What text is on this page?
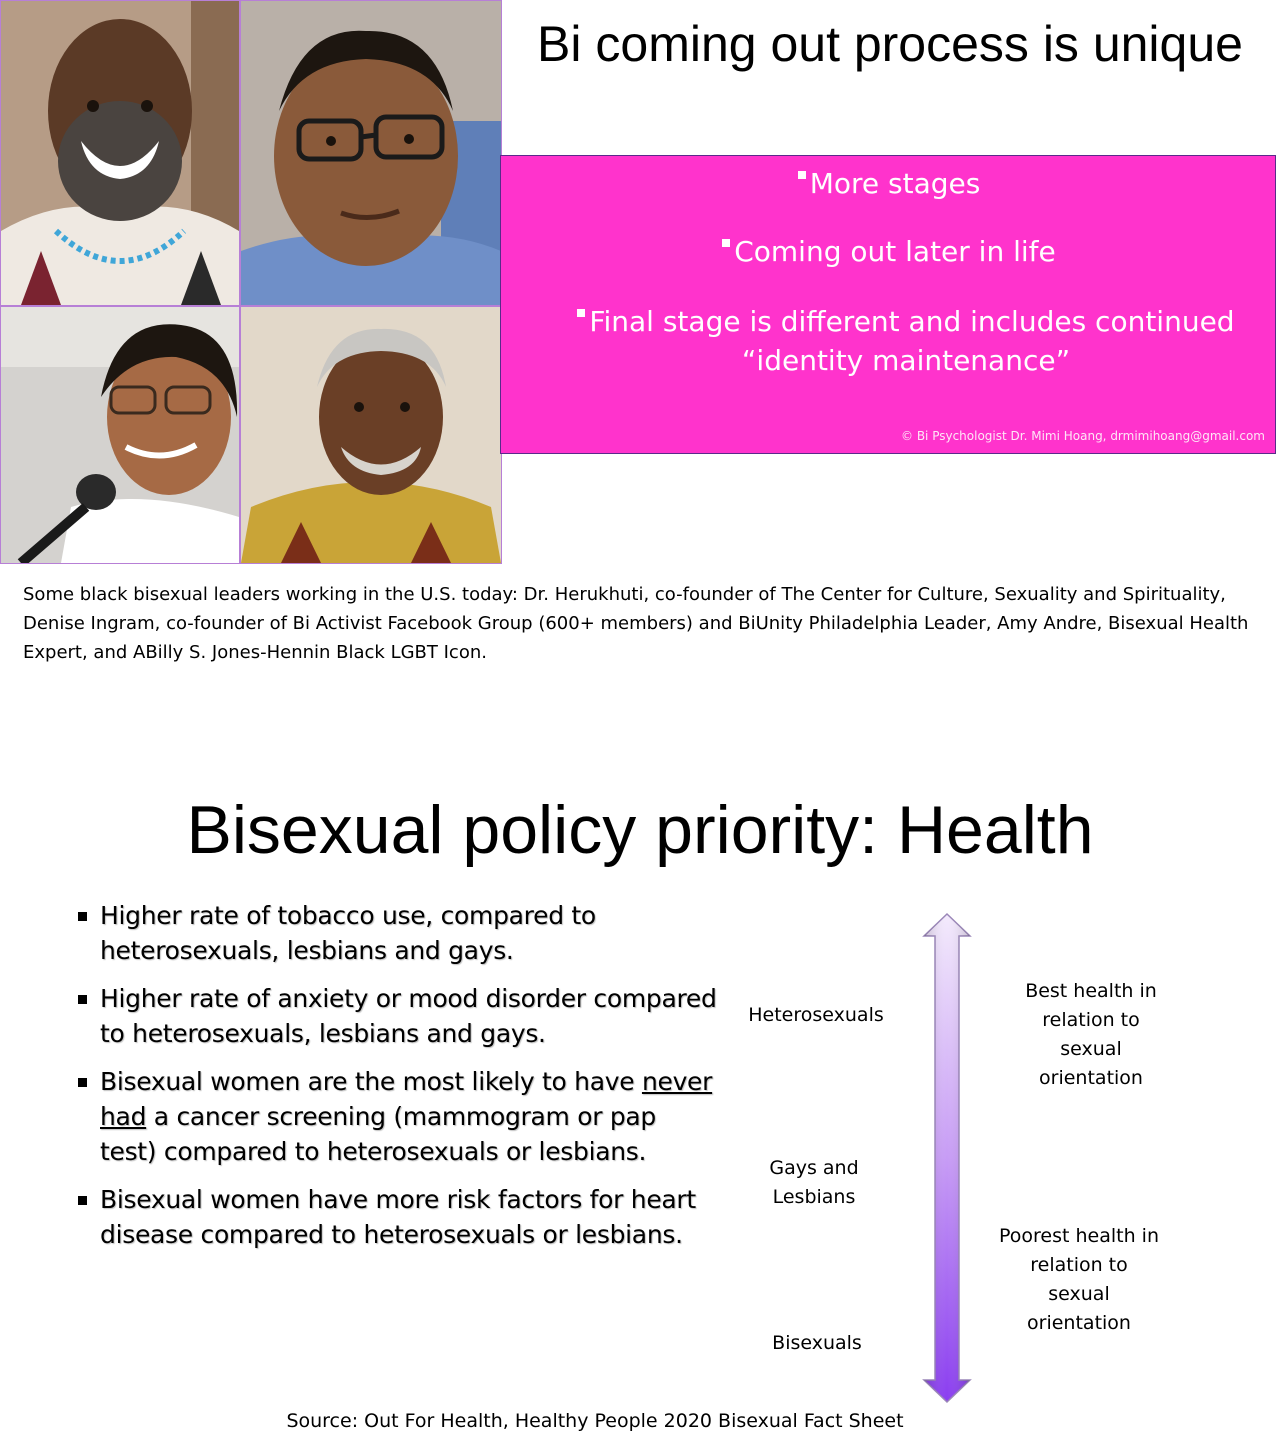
Bi coming out process is unique
More stages
Coming out later in life
Final stage is different and includes continued “identity maintenance”
© Bi Psychologist Dr. Mimi Hoang, drmimihoang@gmail.com
Some black bisexual leaders working in the U.S. today: Dr. Herukhuti, co-founder of The Center for Culture, Sexuality and Spirituality, Denise Ingram, co-founder of Bi Activist Facebook Group (600+ members) and BiUnity Philadelphia Leader, Amy Andre, Bisexual Health Expert, and ABilly S. Jones-Hennin Black LGBT Icon.
Bisexual policy priority: Health
Higher rate of tobacco use, compared to heterosexuals, lesbians and gays.
Higher rate of anxiety or mood disorder compared to heterosexuals, lesbians and gays.
Bisexual women are the most likely to have never had a cancer screening (mammogram or pap test) compared to heterosexuals or lesbians.
Bisexual women have more risk factors for heart disease compared to heterosexuals or lesbians.
Heterosexuals
Gays and Lesbians
Bisexuals
Best health in relation to sexual orientation
Poorest health in relation to sexual orientation
Source: Out For Health, Healthy People 2020 Bisexual Fact Sheet
